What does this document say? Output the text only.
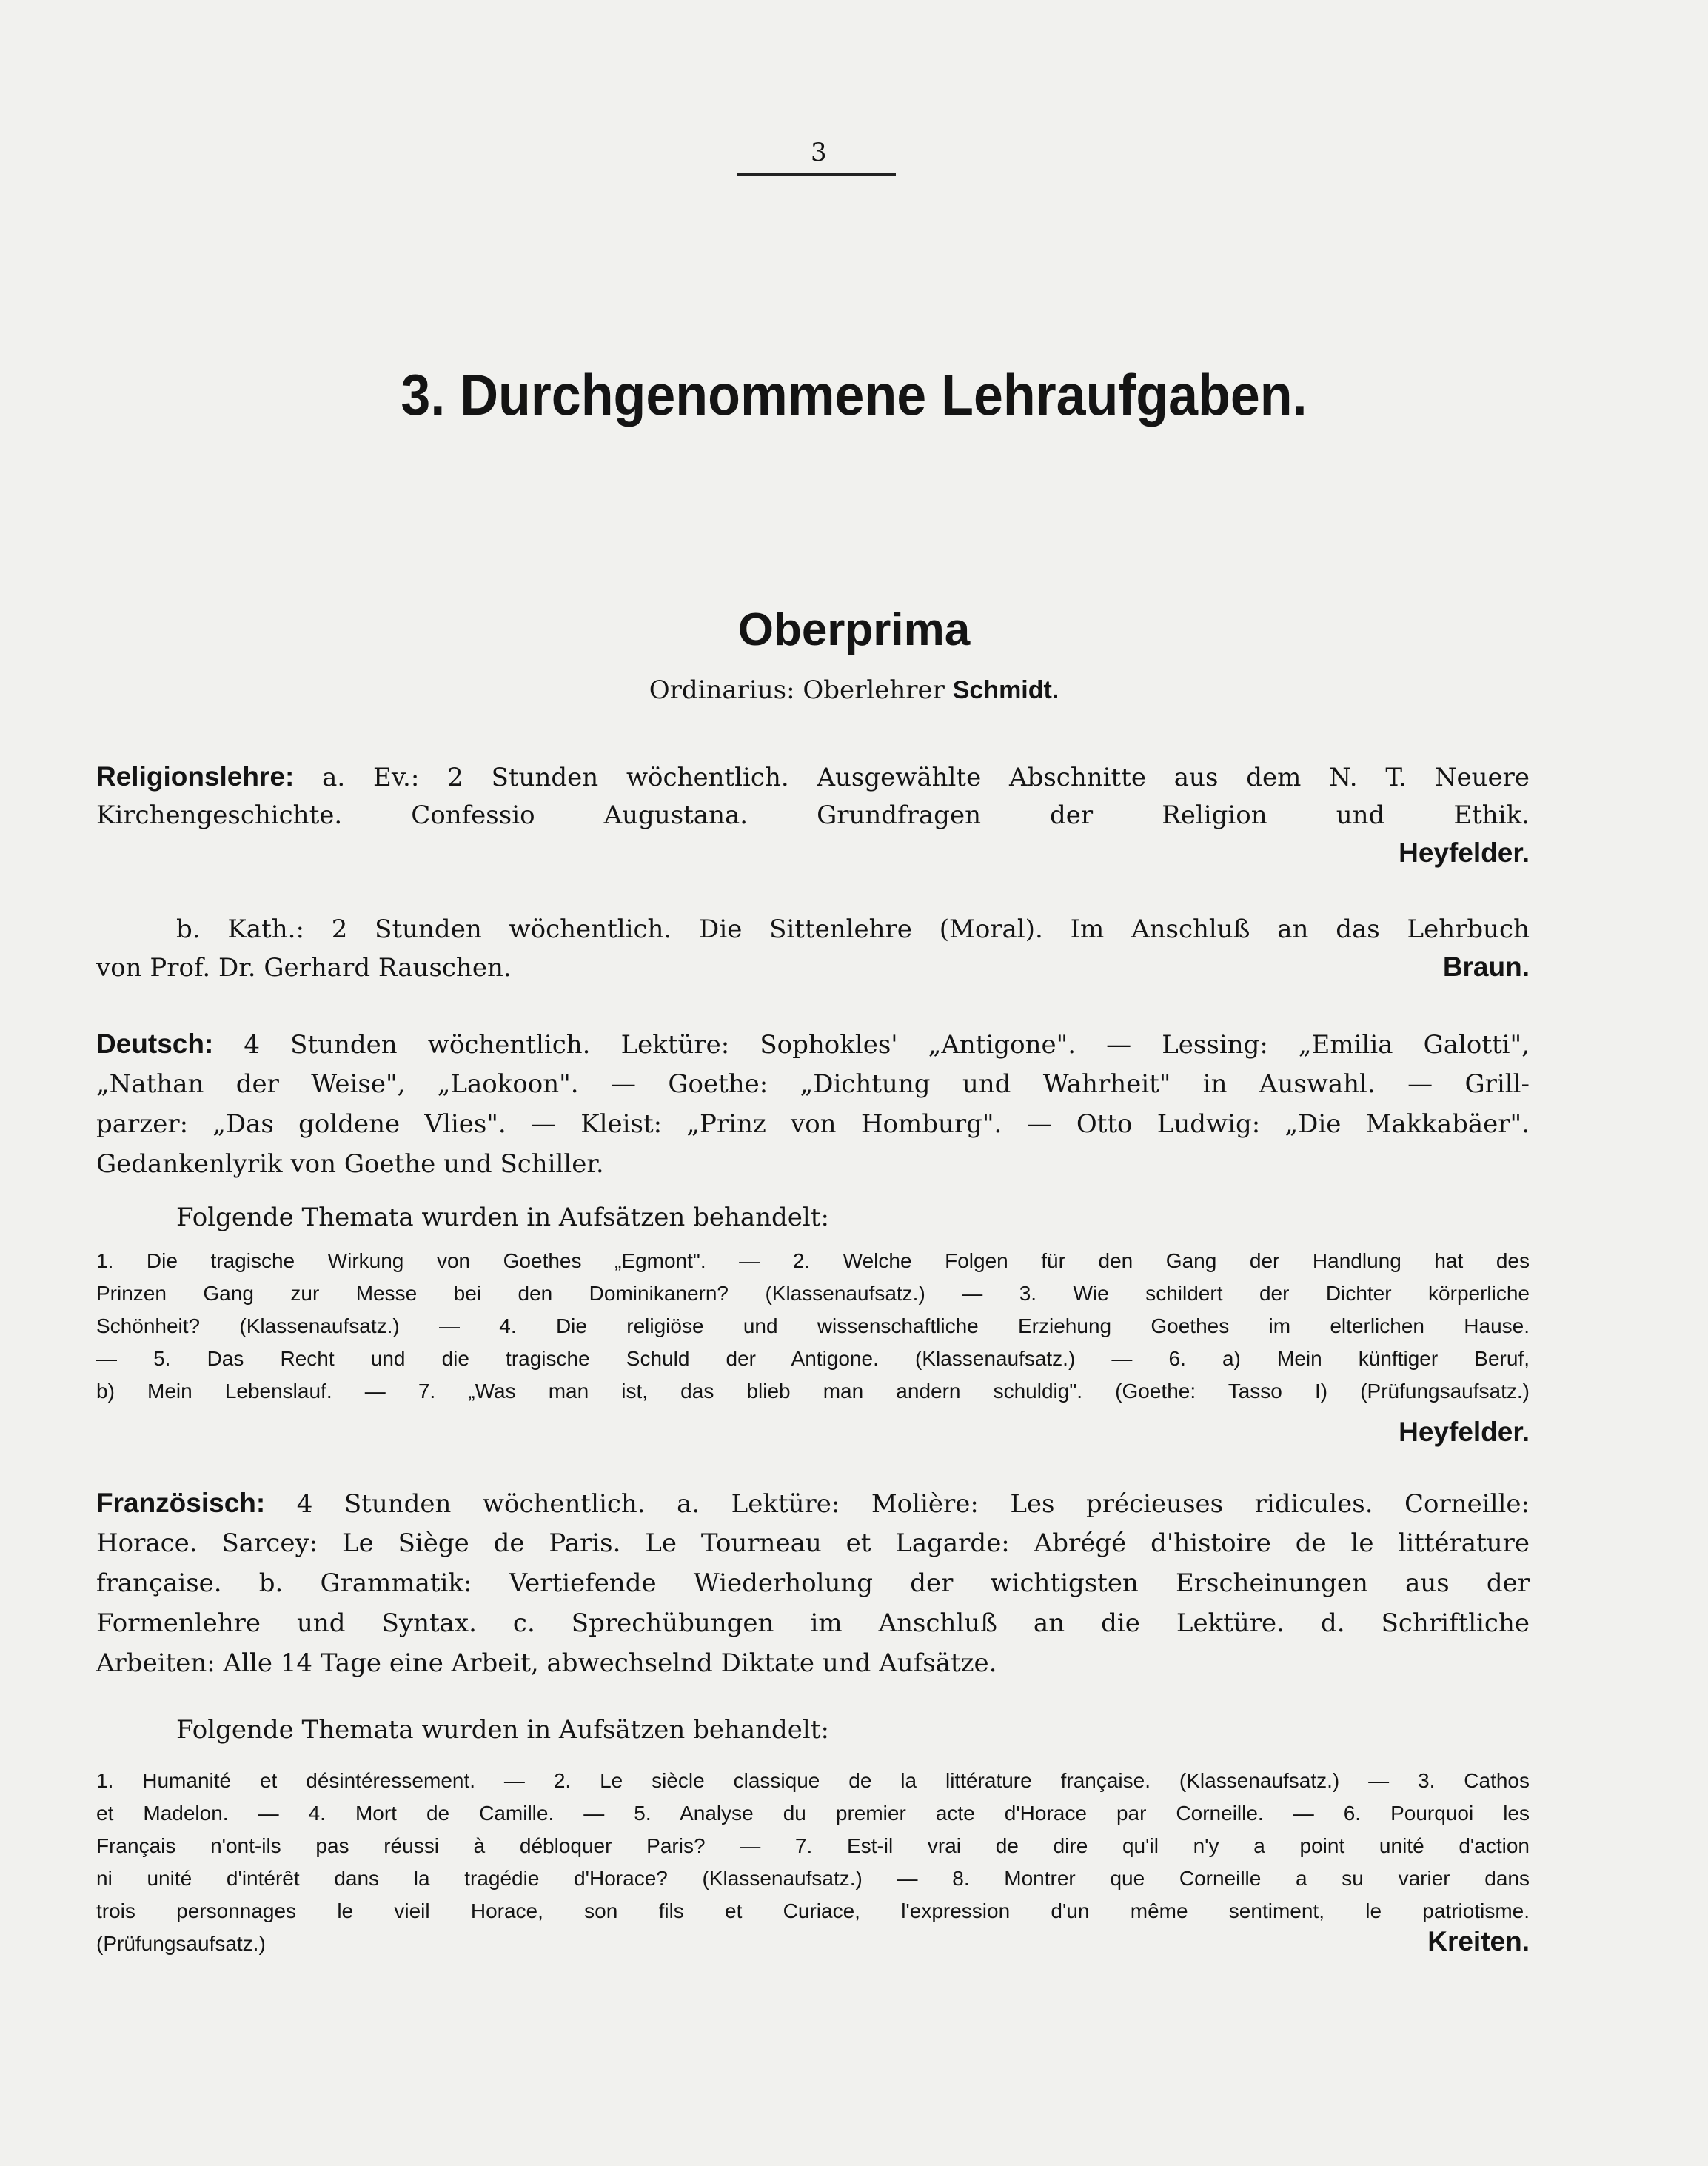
3
3. Durchgenommene Lehraufgaben.
Oberprima
Ordinarius: Oberlehrer Schmidt.
Religionslehre: a. Ev.: 2 Stunden wöchentlich. Ausgewählte Abschnitte aus dem N. T. Neuere
Kirchengeschichte. Confessio Augustana. Grundfragen der Religion und Ethik.
Heyfelder.
b. Kath.: 2 Stunden wöchentlich. Die Sittenlehre (Moral). Im Anschluß an das Lehrbuch
von Prof. Dr. Gerhard Rauschen.	Braun.
Deutsch: 4 Stunden wöchentlich. Lektüre: Sophokles' „Antigone". — Lessing: „Emilia Galotti",
„Nathan der Weise", „Laokoon". — Goethe: „Dichtung und Wahrheit" in Auswahl. — Grill-
parzer: „Das goldene Vlies". — Kleist: „Prinz von Homburg". — Otto Ludwig: „Die Makkabäer".
Gedankenlyrik von Goethe und Schiller.
Folgende Themata wurden in Aufsätzen behandelt:
1. Die tragische Wirkung von Goethes „Egmont". — 2. Welche Folgen für den Gang der Handlung hat des
Prinzen Gang zur Messe bei den Dominikanern? (Klassenaufsatz.) — 3. Wie schildert der Dichter körperliche
Schönheit? (Klassenaufsatz.) — 4. Die religiöse und wissenschaftliche Erziehung Goethes im elterlichen Hause.
— 5. Das Recht und die tragische Schuld der Antigone. (Klassenaufsatz.) — 6. a) Mein künftiger Beruf,
b) Mein Lebenslauf. — 7. „Was man ist, das blieb man andern schuldig". (Goethe: Tasso I) (Prüfungsaufsatz.)
Heyfelder.
Französisch: 4 Stunden wöchentlich. a. Lektüre: Molière: Les précieuses ridicules. Corneille:
Horace. Sarcey: Le Siège de Paris. Le Tourneau et Lagarde: Abrégé d'histoire de le littérature
française. b. Grammatik: Vertiefende Wiederholung der wichtigsten Erscheinungen aus der
Formenlehre und Syntax. c. Sprechübungen im Anschluß an die Lektüre. d. Schriftliche
Arbeiten: Alle 14 Tage eine Arbeit, abwechselnd Diktate und Aufsätze.
Folgende Themata wurden in Aufsätzen behandelt:
1. Humanité et désintéressement. — 2. Le siècle classique de la littérature française. (Klassenaufsatz.) — 3. Cathos
et Madelon. — 4. Mort de Camille. — 5. Analyse du premier acte d'Horace par Corneille. — 6. Pourquoi les
Français n'ont-ils pas réussi à débloquer Paris? — 7. Est-il vrai de dire qu'il n'y a point unité d'action
ni unité d'intérêt dans la tragédie d'Horace? (Klassenaufsatz.) — 8. Montrer que Corneille a su varier dans
trois personnages le vieil Horace, son fils et Curiace, l'expression d'un même sentiment, le patriotisme.
(Prüfungsaufsatz.)	Kreiten.
